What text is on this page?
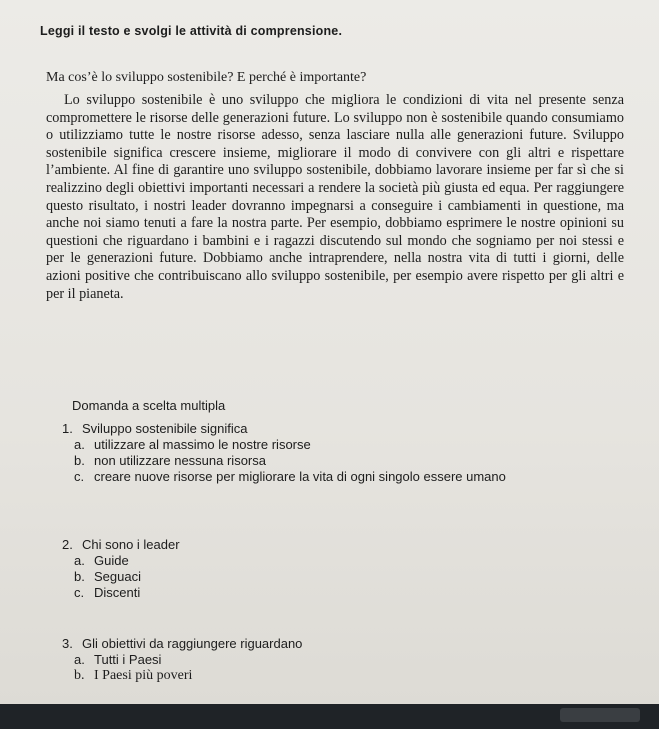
Leggi il testo e svolgi le attività di comprensione.
Ma cos’è lo sviluppo sostenibile? E perché è importante?
Lo sviluppo sostenibile è uno sviluppo che migliora le condizioni di vita nel presente senza compromettere le risorse delle generazioni future. Lo sviluppo non è sostenibile quando consumiamo o utilizziamo tutte le nostre risorse adesso, senza lasciare nulla alle generazioni future. Sviluppo sostenibile significa crescere insieme, migliorare il modo di convivere con gli altri e rispettare l’ambiente. Al fine di garantire uno sviluppo sostenibile, dobbiamo lavorare insieme per far sì che si realizzino degli obiettivi importanti necessari a rendere la società più giusta ed equa. Per raggiungere questo risultato, i nostri leader dovranno impegnarsi a conseguire i cambiamenti in questione, ma anche noi siamo tenuti a fare la nostra parte. Per esempio, dobbiamo esprimere le nostre opinioni su questioni che riguardano i bambini e i ragazzi discutendo sul mondo che sogniamo per noi stessi e per le generazioni future. Dobbiamo anche intraprendere, nella nostra vita di tutti i giorni, delle azioni positive che contribuiscano allo sviluppo sostenibile, per esempio avere rispetto per gli altri e per il pianeta.
Domanda a scelta multipla
1. Sviluppo sostenibile significa
a. utilizzare al massimo le nostre risorse
b. non utilizzare nessuna risorsa
c. creare nuove risorse per migliorare la vita di ogni singolo essere umano
2. Chi sono i leader
a. Guide
b. Seguaci
c. Discenti
3. Gli obiettivi da raggiungere riguardano
a. Tutti i Paesi
b. I Paesi più poveri
